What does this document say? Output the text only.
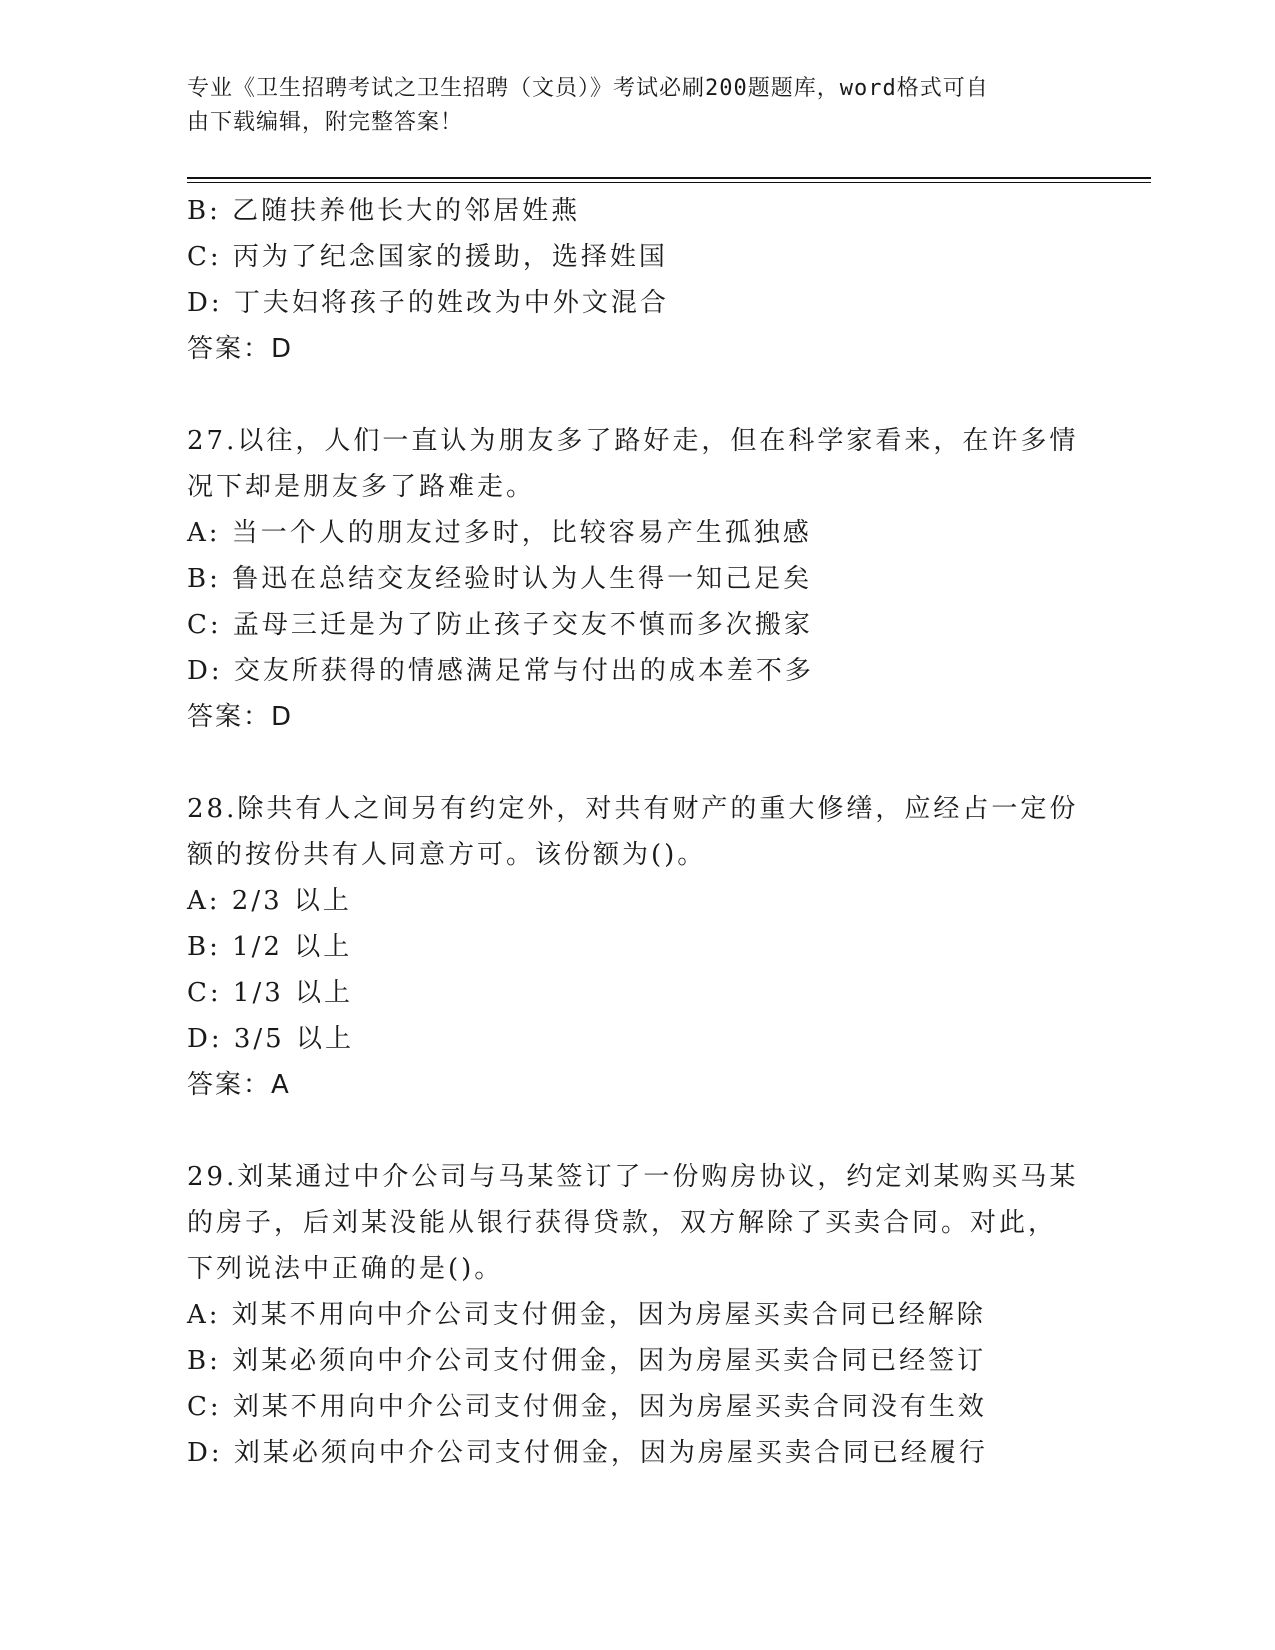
专业《卫生招聘考试之卫生招聘（文员）》考试必刷200题题库，word格式可自
由下载编辑，附完整答案！
B: 乙随扶养他长大的邻居姓燕
C: 丙为了纪念国家的援助，选择姓国
D: 丁夫妇将孩子的姓改为中外文混合
答案：D
27.以往，人们一直认为朋友多了路好走，但在科学家看来，在许多情
况下却是朋友多了路难走。
A: 当一个人的朋友过多时，比较容易产生孤独感
B: 鲁迅在总结交友经验时认为人生得一知己足矣
C: 孟母三迁是为了防止孩子交友不慎而多次搬家
D: 交友所获得的情感满足常与付出的成本差不多
答案：D
28.除共有人之间另有约定外，对共有财产的重大修缮，应经占一定份
额的按份共有人同意方可。该份额为()。
A: 2/3 以上
B: 1/2 以上
C: 1/3 以上
D: 3/5 以上
答案：A
29.刘某通过中介公司与马某签订了一份购房协议，约定刘某购买马某
的房子，后刘某没能从银行获得贷款，双方解除了买卖合同。对此，
下列说法中正确的是()。
A: 刘某不用向中介公司支付佣金，因为房屋买卖合同已经解除
B: 刘某必须向中介公司支付佣金，因为房屋买卖合同已经签订
C: 刘某不用向中介公司支付佣金，因为房屋买卖合同没有生效
D: 刘某必须向中介公司支付佣金，因为房屋买卖合同已经履行
